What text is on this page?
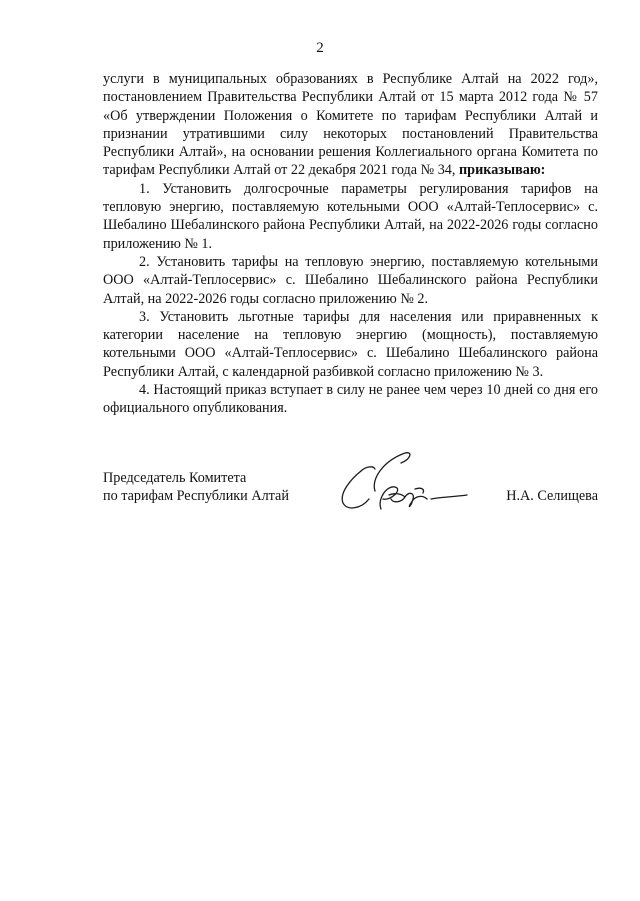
2

услуги в муниципальных образованиях в Республике Алтай на 2022 год», постановлением Правительства Республики Алтай от 15 марта 2012 года № 57 «Об утверждении Положения о Комитете по тарифам Республики Алтай и признании утратившими силу некоторых постановлений Правительства Республики Алтай», на основании решения Коллегиального органа Комитета по тарифам Республики Алтай от 22 декабря 2021 года № 34, приказываю:

1. Установить долгосрочные параметры регулирования тарифов на тепловую энергию, поставляемую котельными ООО «Алтай-Теплосервис» с. Шебалино Шебалинского района Республики Алтай, на 2022-2026 годы согласно приложению № 1.

2. Установить тарифы на тепловую энергию, поставляемую котельными ООО «Алтай-Теплосервис» с. Шебалино Шебалинского района Республики Алтай, на 2022-2026 годы согласно приложению № 2.

3. Установить льготные тарифы для населения или приравненных к категории население на тепловую энергию (мощность), поставляемую котельными ООО «Алтай-Теплосервис» с. Шебалино Шебалинского района Республики Алтай, с календарной разбивкой согласно приложению № 3.

4. Настоящий приказ вступает в силу не ранее чем через 10 дней со дня его официального опубликования.

Председатель Комитета
по тарифам Республики Алтай	Н.А. Селищева
